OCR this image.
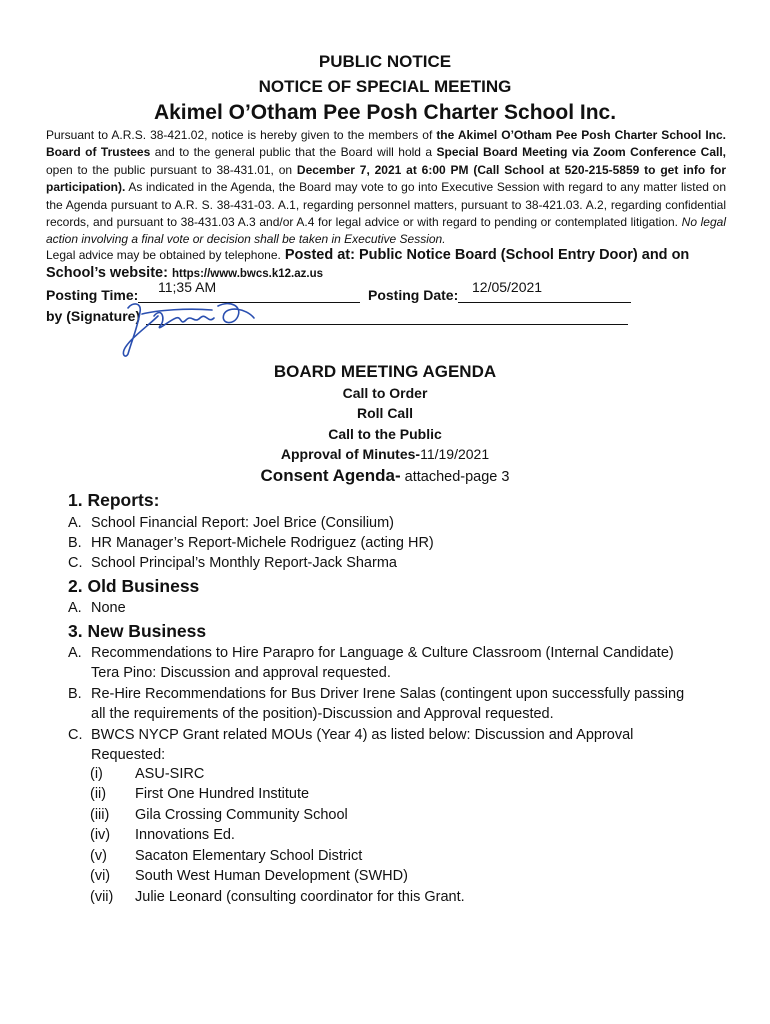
PUBLIC NOTICE
NOTICE OF SPECIAL MEETING
Akimel O’Otham Pee Posh Charter School Inc.
Pursuant to A.R.S. 38-421.02, notice is hereby given to the members of the Akimel O’Otham Pee Posh Charter School Inc. Board of Trustees and to the general public that the Board will hold a Special Board Meeting via Zoom Conference Call, open to the public pursuant to 38-431.01, on December 7, 2021 at 6:00 PM (Call School at 520-215-5859 to get info for participation). As indicated in the Agenda, the Board may vote to go into Executive Session with regard to any matter listed on the Agenda pursuant to A.R. S. 38-431-03. A.1, regarding personnel matters, pursuant to 38-421.03. A.2, regarding confidential records, and pursuant to 38-431.03 A.3 and/or A.4 for legal advice or with regard to pending or contemplated litigation. No legal action involving a final vote or decision shall be taken in Executive Session.
Legal advice may be obtained by telephone. Posted at: Public Notice Board (School Entry Door) and on
School’s website: https://www.bwcs.k12.az.us
Posting Time: 11;35 AM	Posting Date: 12/05/2021
by (Signature)
BOARD MEETING AGENDA
Call to Order
Roll Call
Call to the Public
Approval of Minutes-11/19/2021
Consent Agenda- attached-page 3
1. Reports:
A. School Financial Report: Joel Brice (Consilium)
B. HR Manager’s Report-Michele Rodriguez (acting HR)
C. School Principal’s Monthly Report-Jack Sharma
2. Old Business
A. None
3. New Business
A. Recommendations to Hire Parapro for Language & Culture Classroom (Internal Candidate)
Tera Pino: Discussion and approval requested.
B. Re-Hire Recommendations for Bus Driver Irene Salas (contingent upon successfully passing
all the requirements of the position)-Discussion and Approval requested.
C. BWCS NYCP Grant related MOUs (Year 4) as listed below: Discussion and Approval
Requested:
(i) ASU-SIRC
(ii) First One Hundred Institute
(iii) Gila Crossing Community School
(iv) Innovations Ed.
(v) Sacaton Elementary School District
(vi) South West Human Development (SWHD)
(vii) Julie Leonard (consulting coordinator for this Grant.
